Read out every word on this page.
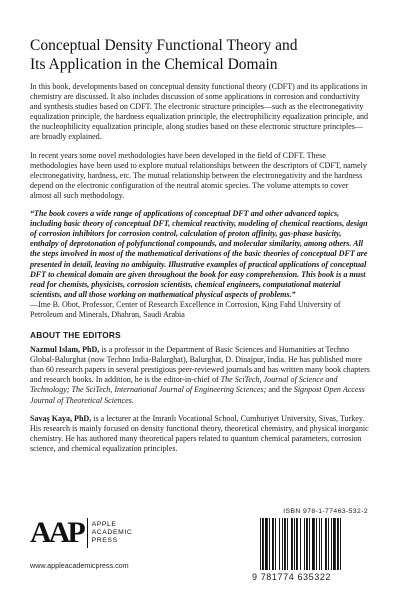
Conceptual Density Functional Theory and
Its Application in the Chemical Domain

In this book, developments based on conceptual density functional theory (CDFT) and its applications in chemistry are discussed. It also includes discussion of some applications in corrosion and conductivity and synthesis studies based on CDFT. The electronic structure principles—such as the electronegativity equalization principle, the hardness equalization principle, the electrophilicity equalization principle, and the nucleophilicity equalization principle, along studies based on these electronic structure principles—are broadly explained.

In recent years some novel methodologies have been developed in the field of CDFT. These methodologies have been used to explore mutual relationships between the descriptors of CDFT, namely electronegativity, hardness, etc. The mutual relationship between the electronegativity and the hardness depend on the electronic configuration of the neutral atomic species. The volume attempts to cover almost all such methodology.

“The book covers a wide range of applications of conceptual DFT and other advanced topics, including basic theory of conceptual DFT, chemical reactivity, modeling of chemical reactions, design of corrosion inhibitors for corrosion control, calculation of proton affinity, gas-phase basicity, enthalpy of deprotonation of polyfunctional compounds, and molecular similarity, among others. All the steps involved in most of the mathematical derivations of the basic theories of conceptual DFT are presented in detail, leaving no ambiguity. Illustrative examples of practical applications of conceptual DFT to chemical domain are given throughout the book for easy comprehension. This book is a must read for chemists, physicists, corrosion scientists, chemical engineers, computational material scientists, and all those working on mathematical physical aspects of problems.”

—Ime B. Obot, Professor, Center of Research Excellence in Corrosion, King Fahd University of Petroleum and Minerals, Dhahran, Saudi Arabia

ABOUT THE EDITORS

Nazmul Islam, PhD, is a professor in the Department of Basic Sciences and Humanities at Techno Global-Balurghat (now Techno India-Balurghat), Balurghat, D. Dinajpur, India. He has published more than 60 research papers in several prestigious peer-reviewed journals and has written many book chapters and research books. In addition, he is the editor-in-chief of The SciTech, Journal of Science and Technology; The SciTech, International Journal of Engineering Sciences; and the Signpost Open Access Journal of Theoretical Sciences.

Savaş Kaya, PhD, is a lecturer at the Imranlı Vocational School, Cumhuriyet University, Sivas, Turkey. His research is mainly focused on density functional theory, theoretical chemistry, and physical inorganic chemistry. He has authored many theoretical papers related to quantum chemical parameters, corrosion science, and chemical equalization principles.

AAP APPLE
ACADEMIC
PRESS
www.appleacademicpress.com
ISBN 978-1-77463-532-2
9 781774 635322
